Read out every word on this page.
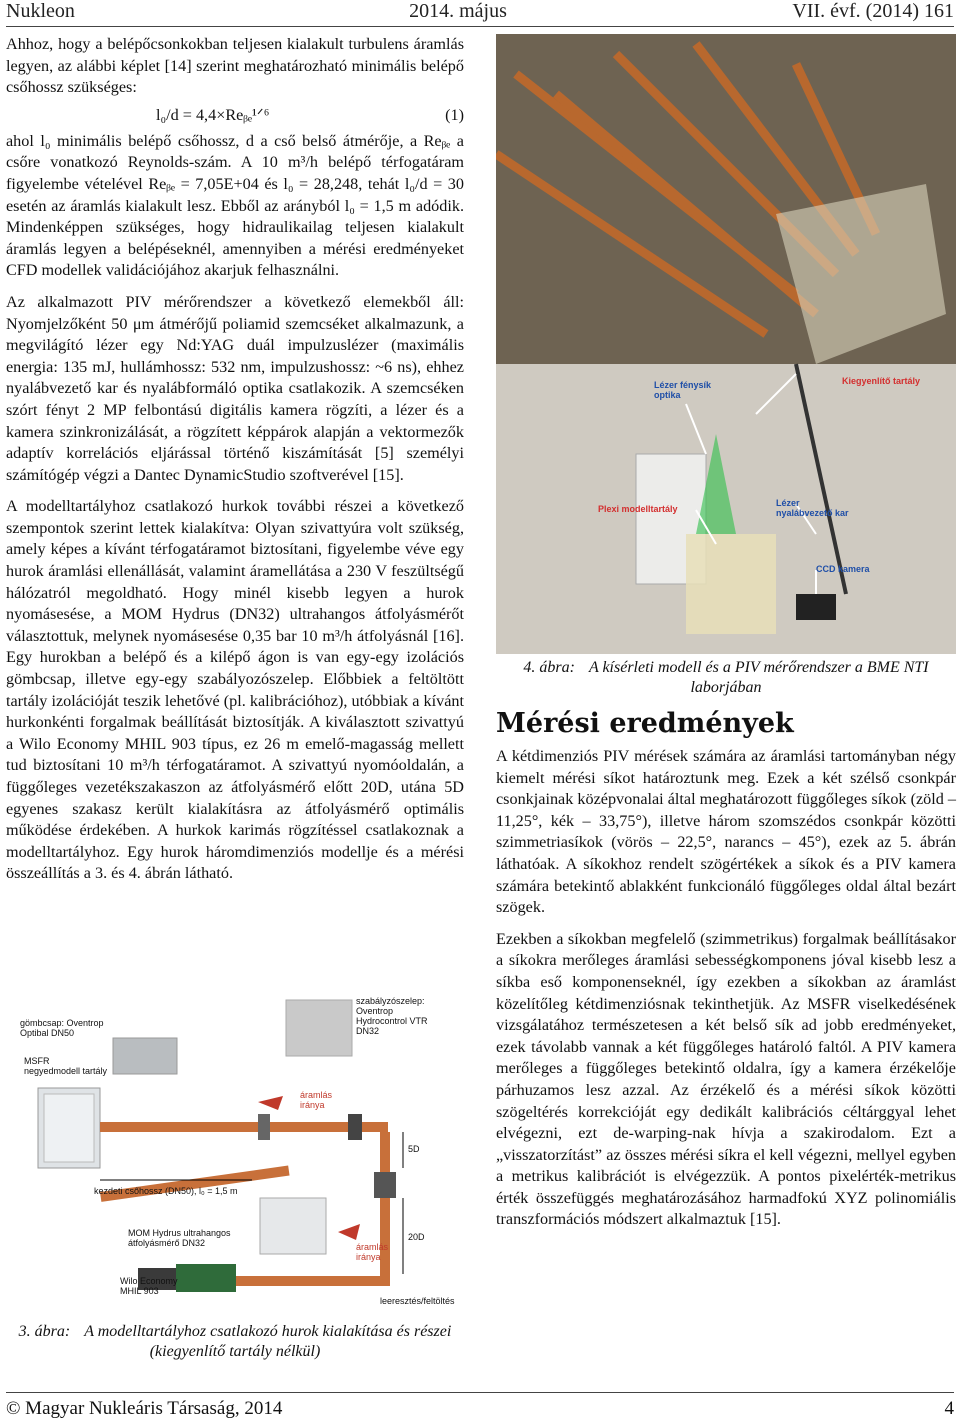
Nukleon	2014. május	VII. évf. (2014) 161

Ahhoz, hogy a belépőcsonkokban teljesen kialakult turbulens áramlás legyen, az alábbi képlet [14] szerint meghatározható minimális belépő csőhossz szükséges:

l₀/d = 4,4×Reᵦₑ¹ᐟ⁶	(1)

ahol l₀ minimális belépő csőhossz, d a cső belső átmérője, a Reᵦₑ a csőre vonatkozó Reynolds-szám. A 10 m³/h belépő térfogatáram figyelembe vételével Reᵦₑ = 7,05E+04 és l₀ = 28,248, tehát l₀/d = 30 esetén az áramlás kialakult lesz. Ebből az arányból l₀ = 1,5 m adódik. Mindenképpen szükséges, hogy hidraulikailag teljesen kialakult áramlás legyen a belépéseknél, amennyiben a mérési eredményeket CFD modellek validációjához akarjuk felhasználni.

Az alkalmazott PIV mérőrendszer a következő elemekből áll: Nyomjelzőként 50 μm átmérőjű poliamid szemcséket alkalmazunk, a megvilágító lézer egy Nd:YAG duál impulzuslézer (maximális energia: 135 mJ, hullámhossz: 532 nm, impulzushossz: ~6 ns), ehhez nyalábvezető kar és nyalábformáló optika csatlakozik. A szemcséken szórt fényt 2 MP felbontású digitális kamera rögzíti, a lézer és a kamera szinkronizálását, a rögzített képpárok alapján a vektormezők adaptív korrelációs eljárással történő kiszámítását [5] személyi számítógép végzi a Dantec DynamicStudio szoftverével [15].

A modelltartályhoz csatlakozó hurkok további részei a következő szempontok szerint lettek kialakítva: Olyan szivattyúra volt szükség, amely képes a kívánt térfogatáramot biztosítani, figyelembe véve egy hurok áramlási ellenállását, valamint áramellátása a 230 V feszültségű hálózatról megoldható. Hogy minél kisebb legyen a hurok nyomásesése, a MOM Hydrus (DN32) ultrahangos átfolyásmérőt választottuk, melynek nyomásesése 0,35 bar 10 m³/h átfolyásnál [16]. Egy hurokban a belépő és a kilépő ágon is van egy-egy izolációs gömbcsap, illetve egy-egy szabályozószelep. Előbbiek a feltöltött tartály izolációját teszik lehetővé (pl. kalibrációhoz), utóbbiak a kívánt hurkonkénti forgalmak beállítását biztosítják. A kiválasztott szivattyú a Wilo Economy MHIL 903 típus, ez 26 m emelő-magasság mellett tud biztosítani 10 m³/h térfogatáramot. A szivattyú nyomóoldalán, a függőleges vezetékszakaszon az átfolyásmérő előtt 20D, utána 5D egyenes szakasz került kialakításra az átfolyásmérő optimális működése érdekében. A hurkok karimás rögzítéssel csatlakoznak a modelltartályhoz. Egy hurok háromdimenziós modellje és a mérési összeállítás a 3. és 4. ábrán látható.

gömbcsap: Oventrop
Optibal DN50
MSFR
negyedmodell tartály
szabályzószelep:
Oventrop
Hydrocontrol VTR
DN32
áramlás
iránya
kezdeti csőhossz (DN50), l₀ = 1,5 m
MOM Hydrus ultrahangos
átfolyásmérő DN32
5D
20D
áramlás
iránya
Wilo Economy
MHIL 903
leeresztés/feltöltés
3. ábra: A modelltartályhoz csatlakozó hurok kialakítása és részei
(kiegyenlítő tartály nélkül)
Lézer fénysík
optika
Kiegyenlítő tartály
Plexi modelltartály
Lézer
nyalábvezető kar
CCD kamera
4. ábra: A kísérleti modell és a PIV mérőrendszer a BME NTI
laborjában
Mérési eredmények

A kétdimenziós PIV mérések számára az áramlási tartományban négy kiemelt mérési síkot határoztunk meg. Ezek a két szélső csonkpár csonkjainak középvonalai által meghatározott függőleges síkok (zöld – 11,25°, kék – 33,75°), illetve három szomszédos csonkpár közötti szimmetriasíkok (vörös – 22,5°, narancs – 45°), ezek az 5. ábrán láthatóak. A síkokhoz rendelt szögértékek a síkok és a PIV kamera számára betekintő ablakként funkcionáló függőleges oldal által bezárt szögek.

Ezekben a síkokban megfelelő (szimmetrikus) forgalmak beállításakor a síkokra merőleges áramlási sebességkomponens jóval kisebb lesz a síkba eső komponenseknél, így ezekben a síkokban az áramlást közelítőleg kétdimenziósnak tekinthetjük. Az MSFR viselkedésének vizsgálatához természetesen a két belső sík ad jobb eredményeket, ezek távolabb vannak a két függőleges határoló faltól. A PIV kamera merőleges a függőleges betekintő oldalra, így a kamera érzékelője párhuzamos lesz azzal. Az érzékelő és a mérési síkok közötti szögeltérés korrekcióját egy dedikált kalibrációs céltárggyal lehet elvégezni, ezt de-warping-nak hívja a szakirodalom. Ezt a „visszatorzítást” az összes mérési síkra el kell végezni, mellyel egyben a metrikus kalibrációt is elvégezzük. A pontos pixelérték-metrikus érték összefüggés meghatározásához harmadfokú XYZ polinomiális transzformációs módszert alkalmaztuk [15].

© Magyar Nukleáris Társaság, 2014	4
